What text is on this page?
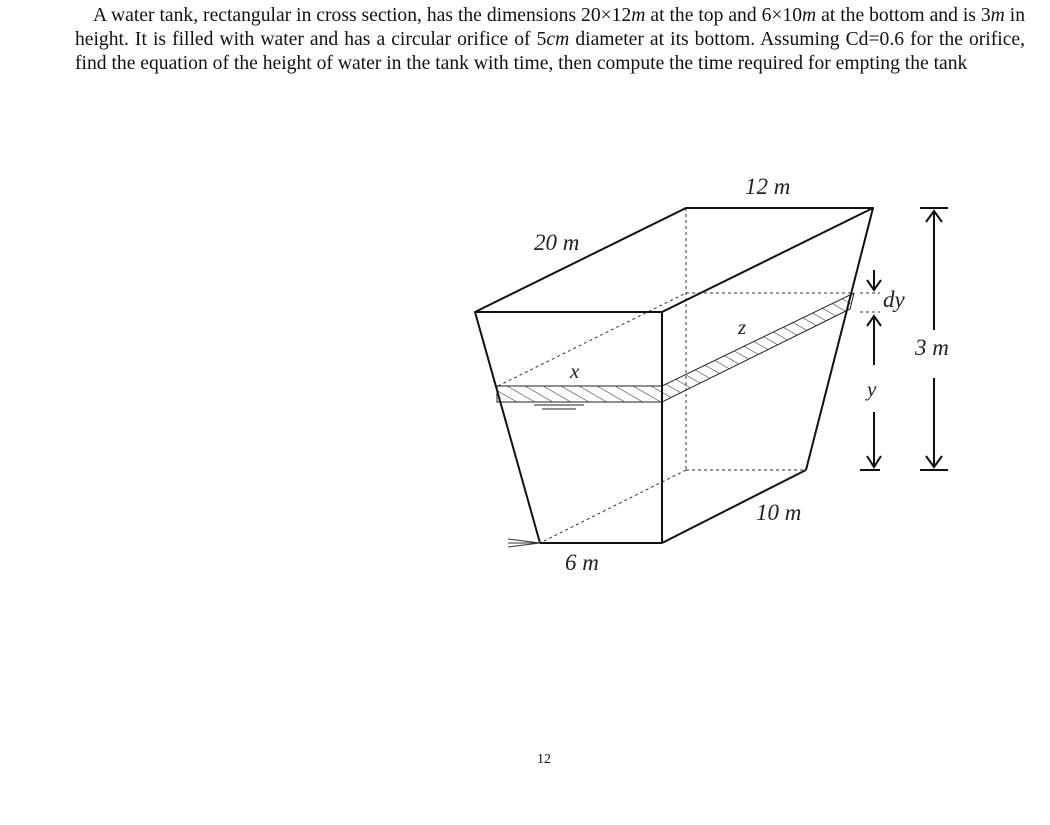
A water tank, rectangular in cross section, has the dimensions 20×12m at the top and 6×10m at the bottom and is 3m in height. It is filled with water and has a circular orifice of 5cm diameter at its bottom. Assuming Cd=0.6 for the orifice, find the equation of the height of water in the tank with time, then compute the time required for empting the tank

12 m
20 m
10 m
6 m
3 m
dy
y
x
z
12
